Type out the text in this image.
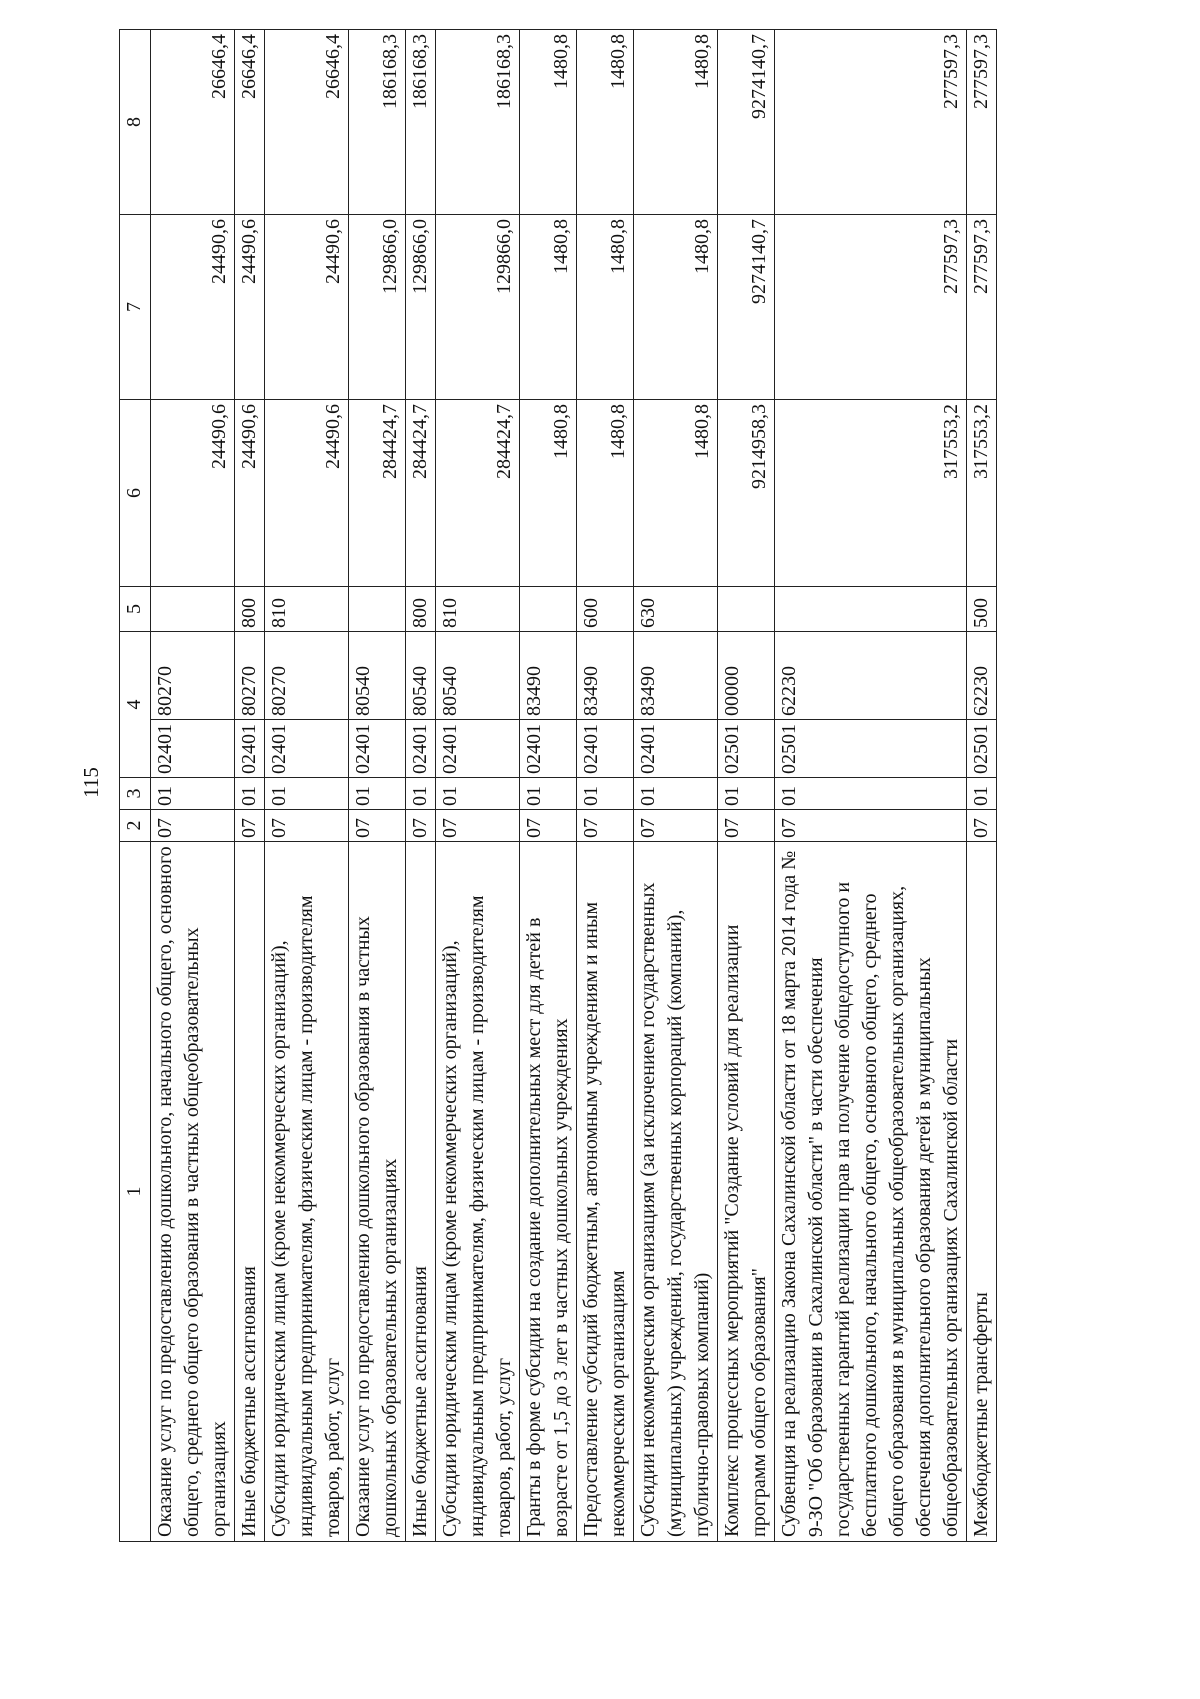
115
1	2	3	4		5	6	7	8
Оказание услуг по предоставлению дошкольного, начального общего, основного общего, среднего общего образования в частных общеобразовательных организациях	07	01	02401	80270		24490,6	24490,6	26646,4
Иные бюджетные ассигнования	07	01	02401	80270	800	24490,6	24490,6	26646,4
Субсидии юридическим лицам (кроме некоммерческих организаций), индивидуальным предпринимателям, физическим лицам - производителям товаров, работ, услуг	07	01	02401	80270	810	24490,6	24490,6	26646,4
Оказание услуг по предоставлению дошкольного образования в частных дошкольных образовательных организациях	07	01	02401	80540		284424,7	129866,0	186168,3
Иные бюджетные ассигнования	07	01	02401	80540	800	284424,7	129866,0	186168,3
Субсидии юридическим лицам (кроме некоммерческих организаций), индивидуальным предпринимателям, физическим лицам - производителям товаров, работ, услуг	07	01	02401	80540	810	284424,7	129866,0	186168,3
Гранты в форме субсидии на создание дополнительных мест для детей в возрасте от 1,5 до 3 лет в частных дошкольных учреждениях	07	01	02401	83490		1480,8	1480,8	1480,8
Предоставление субсидий бюджетным, автономным учреждениям и иным некоммерческим организациям	07	01	02401	83490	600	1480,8	1480,8	1480,8
Субсидии некоммерческим организациям (за исключением государственных (муниципальных) учреждений, государственных корпораций (компаний), публично-правовых компаний)	07	01	02401	83490	630	1480,8	1480,8	1480,8
Комплекс процессных мероприятий "Создание условий для реализации программ общего образования"	07	01	02501	00000		9214958,3	9274140,7	9274140,7
Субвенция на реализацию Закона Сахалинской области от 18 марта 2014 года № 9-ЗО "Об образовании в Сахалинской области" в части обеспечения государственных гарантий реализации прав на получение общедоступного и бесплатного дошкольного, начального общего, основного общего, среднего общего образования в муниципальных общеобразовательных организациях, обеспечения дополнительного образования детей в муниципальных общеобразовательных организациях Сахалинской области	07	01	02501	62230		317553,2	277597,3	277597,3
Межбюджетные трансферты	07	01	02501	62230	500	317553,2	277597,3	277597,3
